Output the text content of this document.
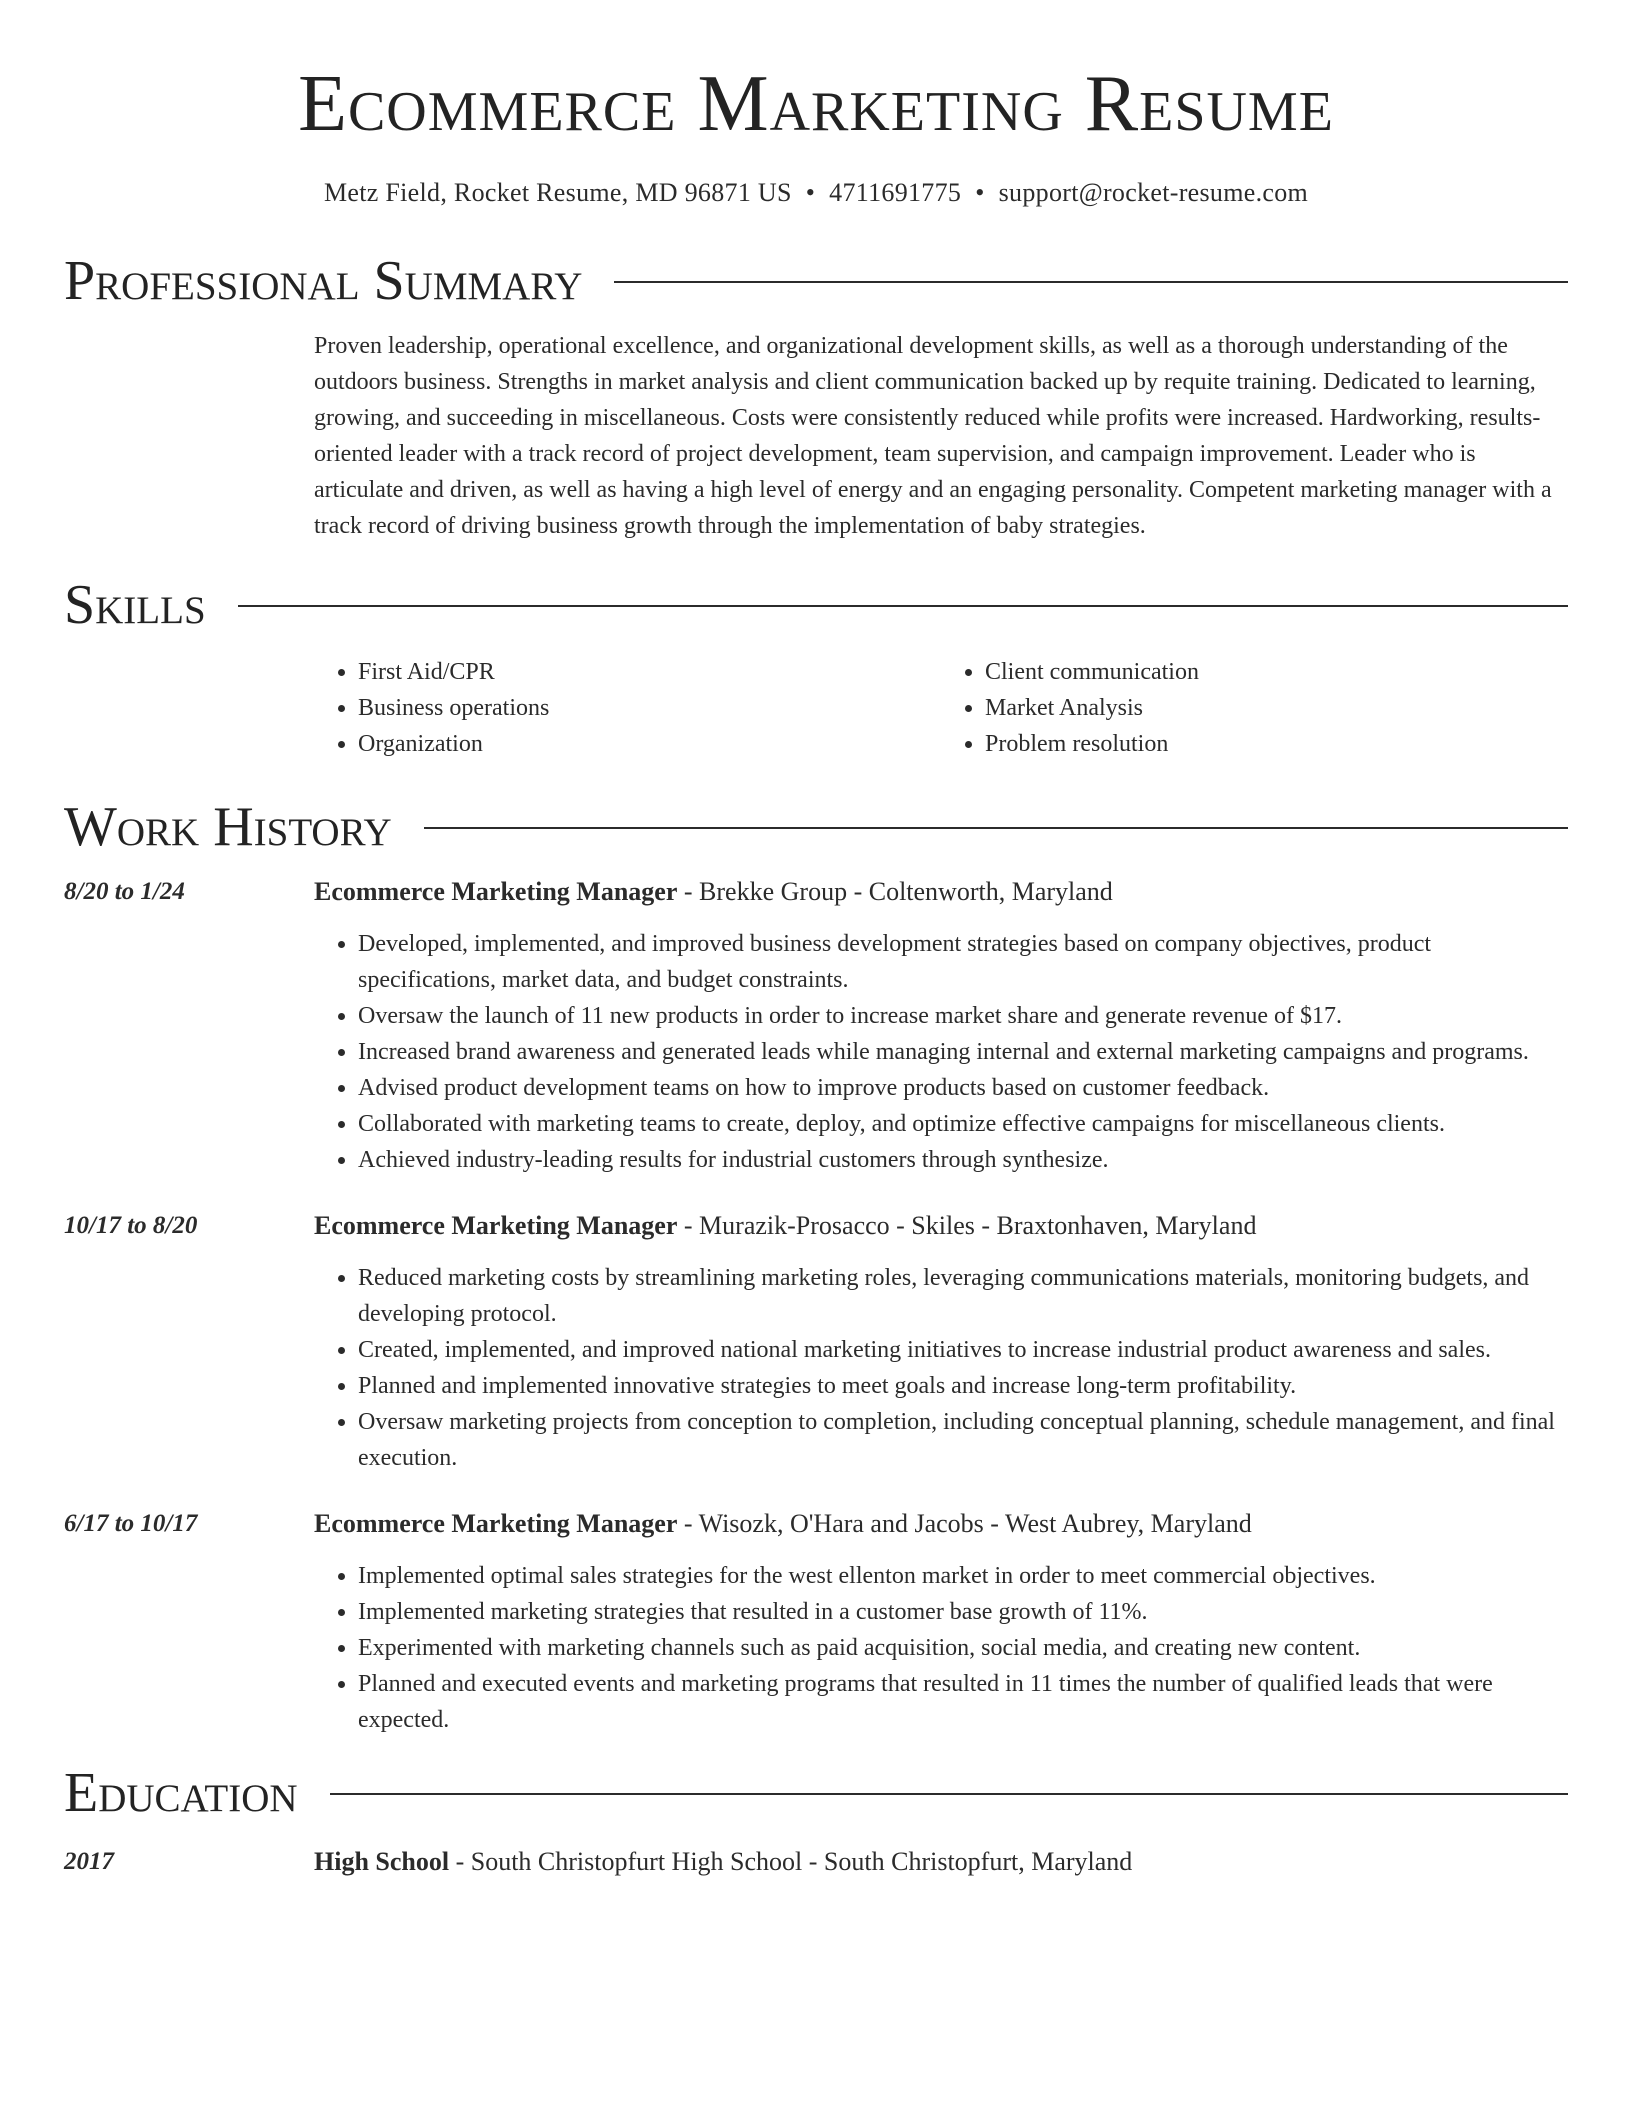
Ecommerce Marketing Resume
Metz Field, Rocket Resume, MD 96871 US • 4711691775 • support@rocket-resume.com
Professional Summary

Proven leadership, operational excellence, and organizational development skills, as well as a thorough understanding of the outdoors business. Strengths in market analysis and client communication backed up by requite training. Dedicated to learning, growing, and succeeding in miscellaneous. Costs were consistently reduced while profits were increased. Hardworking, results-oriented leader with a track record of project development, team supervision, and campaign improvement. Leader who is articulate and driven, as well as having a high level of energy and an engaging personality. Competent marketing manager with a track record of driving business growth through the implementation of baby strategies.

Skills
• First Aid/CPR
• Business operations
• Organization
• Client communication
• Market Analysis
• Problem resolution
Work History
8/20 to 1/24	Ecommerce Marketing Manager - Brekke Group - Coltenworth, Maryland
• Developed, implemented, and improved business development strategies based on company objectives, product specifications, market data, and budget constraints.
• Oversaw the launch of 11 new products in order to increase market share and generate revenue of $17.
• Increased brand awareness and generated leads while managing internal and external marketing campaigns and programs.
• Advised product development teams on how to improve products based on customer feedback.
• Collaborated with marketing teams to create, deploy, and optimize effective campaigns for miscellaneous clients.
• Achieved industry-leading results for industrial customers through synthesize.
10/17 to 8/20	Ecommerce Marketing Manager - Murazik-Prosacco - Skiles - Braxtonhaven, Maryland
• Reduced marketing costs by streamlining marketing roles, leveraging communications materials, monitoring budgets, and developing protocol.
• Created, implemented, and improved national marketing initiatives to increase industrial product awareness and sales.
• Planned and implemented innovative strategies to meet goals and increase long-term profitability.
• Oversaw marketing projects from conception to completion, including conceptual planning, schedule management, and final execution.
6/17 to 10/17	Ecommerce Marketing Manager - Wisozk, O'Hara and Jacobs - West Aubrey, Maryland
• Implemented optimal sales strategies for the west ellenton market in order to meet commercial objectives.
• Implemented marketing strategies that resulted in a customer base growth of 11%.
• Experimented with marketing channels such as paid acquisition, social media, and creating new content.
• Planned and executed events and marketing programs that resulted in 11 times the number of qualified leads that were expected.
Education
2017	High School - South Christopfurt High School - South Christopfurt, Maryland
